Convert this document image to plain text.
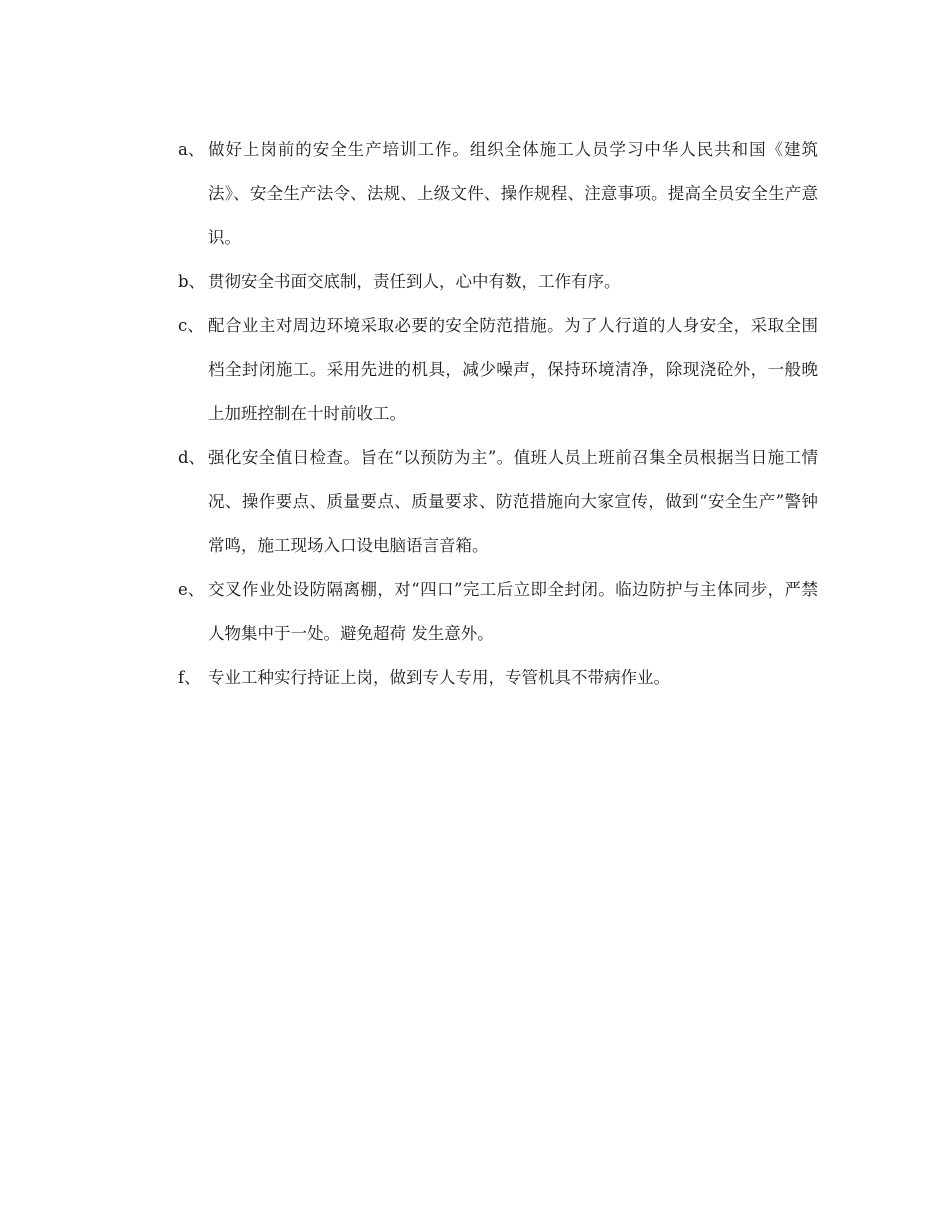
a、 做好上岗前的安全生产培训工作。组织全体施工人员学习中华人民共和国《建筑法》、安全生产法令、法规、上级文件、操作规程、注意事项。提高全员安全生产意识。
b、 贯彻安全书面交底制，责任到人，心中有数，工作有序。
c、 配合业主对周边环境采取必要的安全防范措施。为了人行道的人身安全，采取全围档全封闭施工。采用先进的机具，减少噪声，保持环境清净，除现浇砼外，一般晚上加班控制在十时前收工。
d、 强化安全值日检查。旨在“以预防为主”。值班人员上班前召集全员根据当日施工情况、操作要点、质量要点、质量要求、防范措施向大家宣传，做到“安全生产”警钟常鸣，施工现场入口设电脑语言音箱。
e、 交叉作业处设防隔离棚，对“四口”完工后立即全封闭。临边防护与主体同步，严禁人物集中于一处。避免超荷 发生意外。
f、 专业工种实行持证上岗，做到专人专用，专管机具不带病作业。
